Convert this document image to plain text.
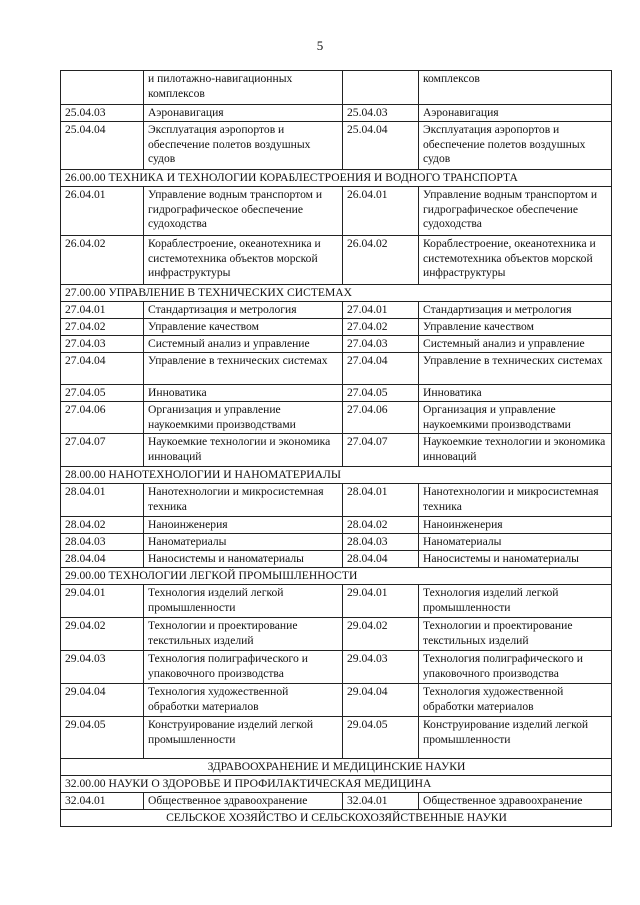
5
	и пилотажно-навигационных комплексов		комплексов
25.04.03	Аэронавигация	25.04.03	Аэронавигация
25.04.04	Эксплуатация аэропортов и обеспечение полетов воздушных судов	25.04.04	Эксплуатация аэропортов и обеспечение полетов воздушных судов
26.00.00 ТЕХНИКА И ТЕХНОЛОГИИ КОРАБЛЕСТРОЕНИЯ И ВОДНОГО ТРАНСПОРТА			
26.04.01	Управление водным транспортом и гидрографическое обеспечение судоходства	26.04.01	Управление водным транспортом и гидрографическое обеспечение судоходства
26.04.02	Кораблестроение, океанотехника и системотехника объектов морской инфраструктуры	26.04.02	Кораблестроение, океанотехника и системотехника объектов морской инфраструктуры
27.00.00 УПРАВЛЕНИЕ В ТЕХНИЧЕСКИХ СИСТЕМАХ			
27.04.01	Стандартизация и метрология	27.04.01	Стандартизация и метрология
27.04.02	Управление качеством	27.04.02	Управление качеством
27.04.03	Системный анализ и управление	27.04.03	Системный анализ и управление
27.04.04	Управление в технических системах	27.04.04	Управление в технических системах
27.04.05	Инноватика	27.04.05	Инноватика
27.04.06	Организация и управление наукоемкими производствами	27.04.06	Организация и управление наукоемкими производствами
27.04.07	Наукоемкие технологии и экономика инноваций	27.04.07	Наукоемкие технологии и экономика инноваций
28.00.00 НАНОТЕХНОЛОГИИ И НАНОМАТЕРИАЛЫ			
28.04.01	Нанотехнологии и микросистемная техника	28.04.01	Нанотехнологии и микросистемная техника
28.04.02	Наноинженерия	28.04.02	Наноинженерия
28.04.03	Наноматериалы	28.04.03	Наноматериалы
28.04.04	Наносистемы и наноматериалы	28.04.04	Наносистемы и наноматериалы
29.00.00 ТЕХНОЛОГИИ ЛЕГКОЙ ПРОМЫШЛЕННОСТИ			
29.04.01	Технология изделий легкой промышленности	29.04.01	Технология изделий легкой промышленности
29.04.02	Технологии и проектирование текстильных изделий	29.04.02	Технологии и проектирование текстильных изделий
29.04.03	Технология полиграфического и упаковочного производства	29.04.03	Технология полиграфического и упаковочного производства
29.04.04	Технология художественной обработки материалов	29.04.04	Технология художественной обработки материалов
29.04.05	Конструирование изделий легкой промышленности	29.04.05	Конструирование изделий легкой промышленности
ЗДРАВООХРАНЕНИЕ И МЕДИЦИНСКИЕ НАУКИ			
32.00.00 НАУКИ О ЗДОРОВЬЕ И ПРОФИЛАКТИЧЕСКАЯ МЕДИЦИНА			
32.04.01	Общественное здравоохранение	32.04.01	Общественное здравоохранение
СЕЛЬСКОЕ ХОЗЯЙСТВО И СЕЛЬСКОХОЗЯЙСТВЕННЫЕ НАУКИ			
